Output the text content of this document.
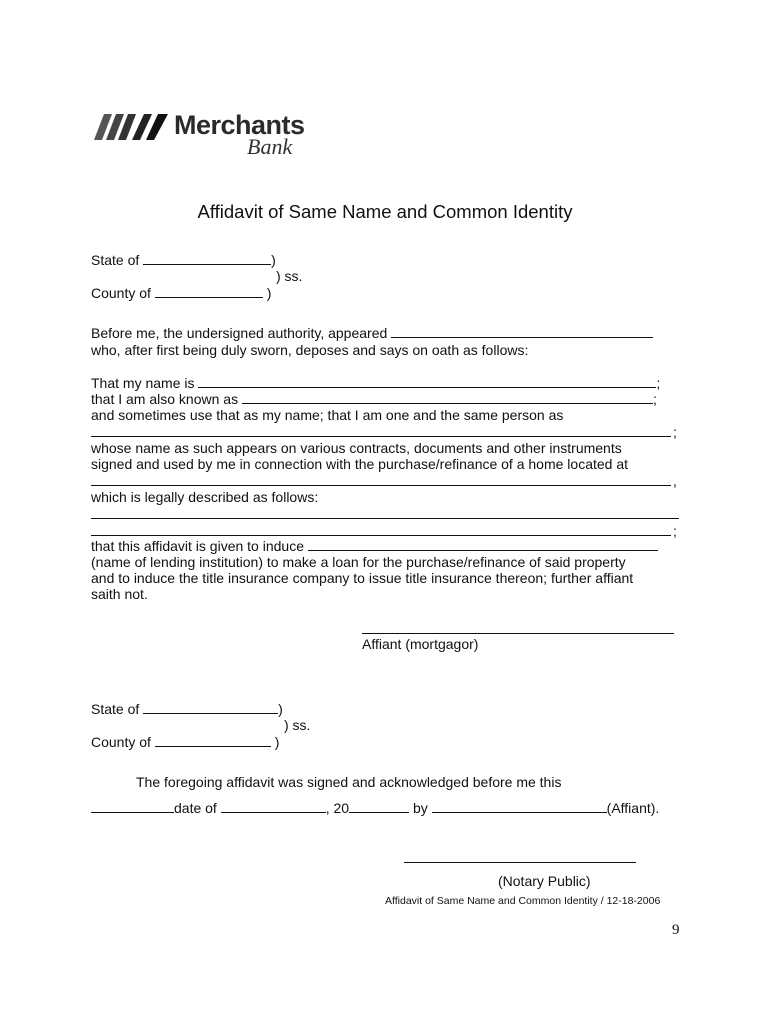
Merchants
Bank
Affidavit of Same Name and Common Identity
State of	)
) ss.
County of	)
Before me, the undersigned authority, appeared
who, after first being duly sworn, deposes and says on oath as follows:
That my name is	;
that I am also known as	;
and sometimes use that as my name; that I am one and the same person as
;
whose name as such appears on various contracts, documents and other instruments
signed and used by me in connection with the purchase/refinance of a home located at
,
which is legally described as follows:
;
that this affidavit is given to induce
(name of lending institution) to make a loan for the purchase/refinance of said property
and to induce the title insurance company to issue title insurance thereon; further affiant
saith not.
Affiant (mortgagor)
State of	)
) ss.
County of	)
The foregoing affidavit was signed and acknowledged before me this
date of	, 20	by	(Affiant).
(Notary Public)
Affidavit of Same Name and Common Identity / 12-18-2006
9
